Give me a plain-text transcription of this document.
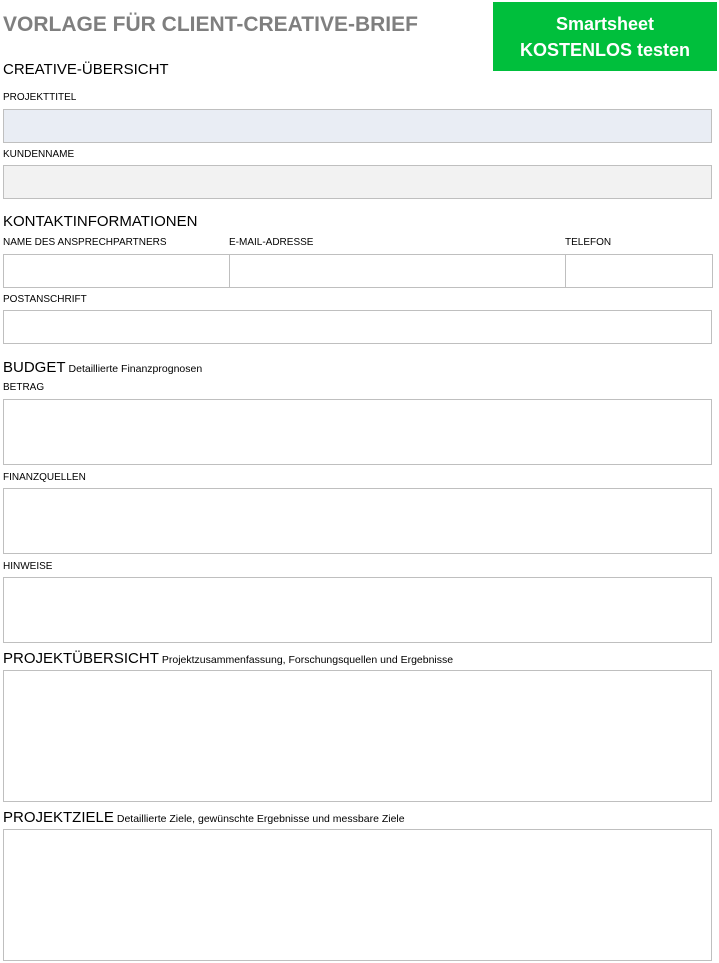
VORLAGE FÜR CLIENT-CREATIVE-BRIEF	Smartsheet
KOSTENLOS testen
CREATIVE-ÜBERSICHT
PROJEKTTITEL
KUNDENNAME
KONTAKTINFORMATIONEN
NAME DES ANSPRECHPARTNERS	E-MAIL-ADRESSE	TELEFON
POSTANSCHRIFT
BUDGET Detaillierte Finanzprognosen
BETRAG
FINANZQUELLEN
HINWEISE
PROJEKTÜBERSICHT Projektzusammenfassung, Forschungsquellen und Ergebnisse
PROJEKTZIELE Detaillierte Ziele, gewünschte Ergebnisse und messbare Ziele
